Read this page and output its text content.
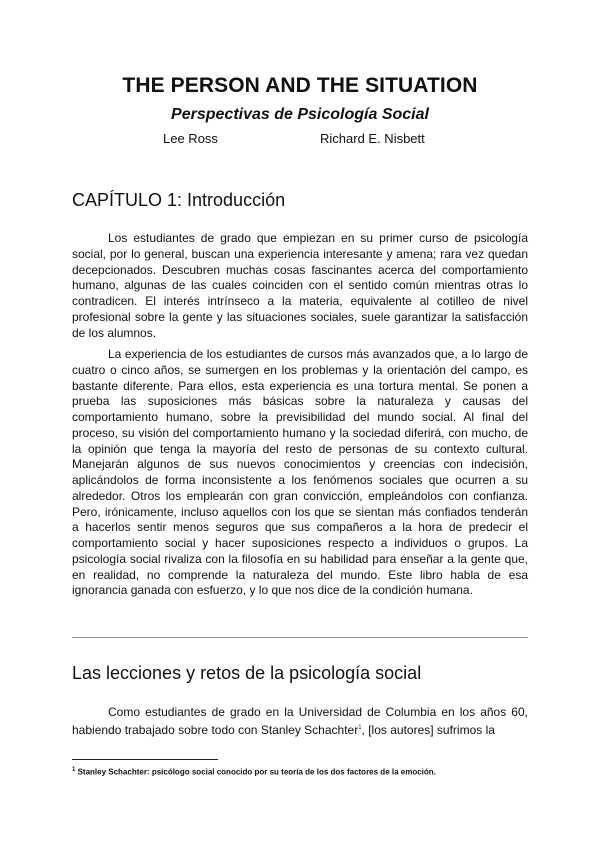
THE PERSON AND THE SITUATION
Perspectivas de Psicología Social
Lee Ross	Richard E. Nisbett
CAPÍTULO 1: Introducción

Los estudiantes de grado que empiezan en su primer curso de psicología social, por lo general, buscan una experiencia interesante y amena; rara vez quedan decepcionados. Descubren muchas cosas fascinantes acerca del comportamiento humano, algunas de las cuales coinciden con el sentido común mientras otras lo contradicen. El interés intrínseco a la materia, equivalente al cotilleo de nivel profesional sobre la gente y las situaciones sociales, suele garantizar la satisfacción de los alumnos.

La experiencia de los estudiantes de cursos más avanzados que, a lo largo de cuatro o cinco años, se sumergen en los problemas y la orientación del campo, es bastante diferente. Para ellos, esta experiencia es una tortura mental. Se ponen a prueba las suposiciones más básicas sobre la naturaleza y causas del comportamiento humano, sobre la previsibilidad del mundo social. Al final del proceso, su visión del comportamiento humano y la sociedad diferirá, con mucho, de la opinión que tenga la mayoría del resto de personas de su contexto cultural. Manejarán algunos de sus nuevos conocimientos y creencias con indecisión, aplicándolos de forma inconsistente a los fenómenos sociales que ocurren a su alrededor. Otros los emplearán con gran convicción, empleándolos con confianza. Pero, irónicamente, incluso aquellos con los que se sientan más confiados tenderán a hacerlos sentir menos seguros que sus compañeros a la hora de predecir el comportamiento social y hacer suposiciones respecto a individuos o grupos. La psicología social rivaliza con la filosofía en su habilidad para enseñar a la gente que, en realidad, no comprende la naturaleza del mundo. Este libro habla de esa ignorancia ganada con esfuerzo, y lo que nos dice de la condición humana.

Las lecciones y retos de la psicología social

Como estudiantes de grado en la Universidad de Columbia en los años 60, habiendo trabajado sobre todo con Stanley Schachter$^1$, [los autores] sufrimos la

$^1$ Stanley Schachter: psicólogo social conocido por su teoría de los dos factores de la emoción.
